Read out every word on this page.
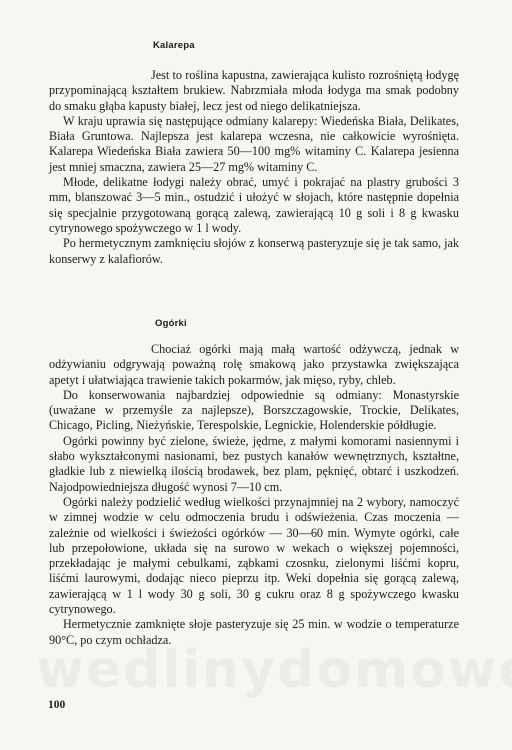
Kalarepa

Jest to roślina kapustna, zawierająca kulisto rozrośniętą łodygę przypominającą kształtem brukiew. Nabrzmiała młoda łodyga ma smak podobny do smaku głąba kapusty białej, lecz jest od niego delikatniejsza.

W kraju uprawia się następujące odmiany kalarepy: Wiedeńska Biała, Delikates, Biała Gruntowa. Najlepsza jest kalarepa wczesna, nie całkowicie wyrośnięta. Kalarepa Wiedeńska Biała zawiera 50—100 mg% witaminy C. Kalarepa jesienna jest mniej smaczna, zawiera 25—27 mg% witaminy C.

Młode, delikatne łodygi należy obrać, umyć i pokrajać na plastry grubości 3 mm, blanszować 3—5 min., ostudzić i ułożyć w słojach, które następnie dopełnia się specjalnie przygotowaną gorącą zalewą, zawierającą 10 g soli i 8 g kwasku cytrynowego spożywczego w 1 l wody.

Po hermetycznym zamknięciu słojów z konserwą pasteryzuje się je tak samo, jak konserwy z kalafiorów.

Ogórki

Chociaż ogórki mają małą wartość odżywczą, jednak w odżywianiu odgrywają poważną rolę smakową jako przystawka zwiększająca apetyt i ułatwiająca trawienie takich pokarmów, jak mięso, ryby, chleb.

Do konserwowania najbardziej odpowiednie są odmiany: Monastyrskie (uważane w przemyśle za najlepsze), Borszczagowskie, Trockie, Delikates, Chicago, Picling, Nieżyńskie, Terespolskie, Legnickie, Holenderskie półdługie.

Ogórki powinny być zielone, świeże, jędrne, z małymi komorami nasiennymi i słabo wykształconymi nasionami, bez pustych kanałów wewnętrznych, kształtne, gładkie lub z niewielką ilością brodawek, bez plam, pęknięć, obtarć i uszkodzeń. Najodpowiedniejsza długość wynosi 7—10 cm.

Ogórki należy podzielić według wielkości przynajmniej na 2 wybory, namoczyć w zimnej wodzie w celu odmoczenia brudu i odświeżenia. Czas moczenia — zależnie od wielkości i świeżości ogórków — 30—60 min. Wymyte ogórki, całe lub przepołowione, układa się na surowo w wekach o większej pojemności, przekładając je małymi cebulkami, ząbkami czosnku, zielonymi liśćmi kopru, liśćmi laurowymi, dodając nieco pieprzu itp. Weki dopełnia się gorącą zalewą, zawierającą w 1 l wody 30 g soli, 30 g cukru oraz 8 g spożywczego kwasku cytrynowego.

Hermetycznie zamknięte słoje pasteryzuje się 25 min. w wodzie o temperaturze 90°C, po czym ochładza.

100
